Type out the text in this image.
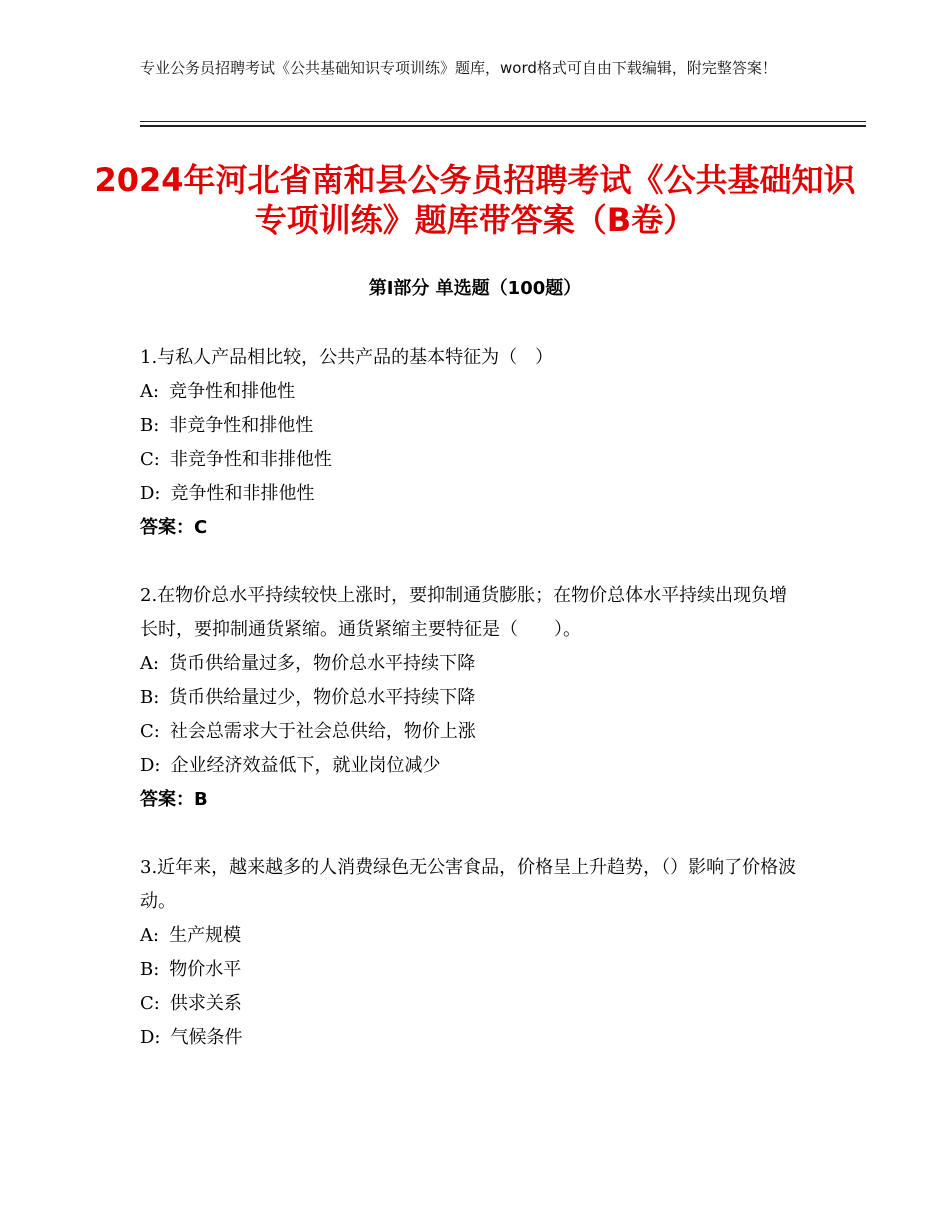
专业公务员招聘考试《公共基础知识专项训练》题库，word格式可自由下载编辑，附完整答案！
2024年河北省南和县公务员招聘考试《公共基础知识专项训练》题库带答案（B卷）
第Ⅰ部分 单选题（100题）
1.与私人产品相比较，公共产品的基本特征为（　）
A: 竞争性和排他性
B: 非竞争性和排他性
C: 非竞争性和非排他性
D: 竞争性和非排他性
答案：C
2.在物价总水平持续较快上涨时，要抑制通货膨胀；在物价总体水平持续出现负增长时，要抑制通货紧缩。通货紧缩主要特征是（　　）。
A: 货币供给量过多，物价总水平持续下降
B: 货币供给量过少，物价总水平持续下降
C: 社会总需求大于社会总供给，物价上涨
D: 企业经济效益低下，就业岗位减少
答案：B
3.近年来，越来越多的人消费绿色无公害食品，价格呈上升趋势，（）影响了价格波动。
A: 生产规模
B: 物价水平
C: 供求关系
D: 气候条件
